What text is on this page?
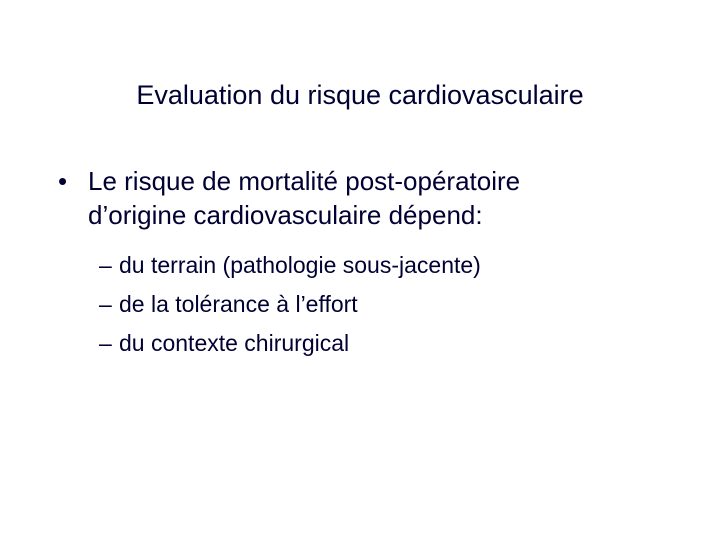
Evaluation du risque cardiovasculaire
• Le risque de mortalité post-opératoire
d’origine cardiovasculaire dépend:
– du terrain (pathologie sous-jacente)
– de la tolérance à l’effort
– du contexte chirurgical
